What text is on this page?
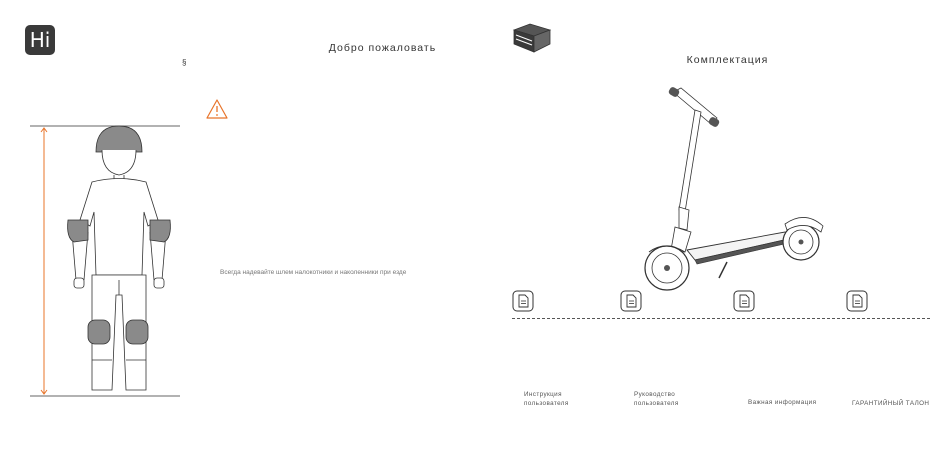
Hi	Добро пожаловать
§
Всегда надевайте шлем налокотники и наколенники при езде
Комплектация
Инструкция пользователя
Руководство пользователя	Важная информация	ГАРАНТИЙНЫЙ ТАЛОН
